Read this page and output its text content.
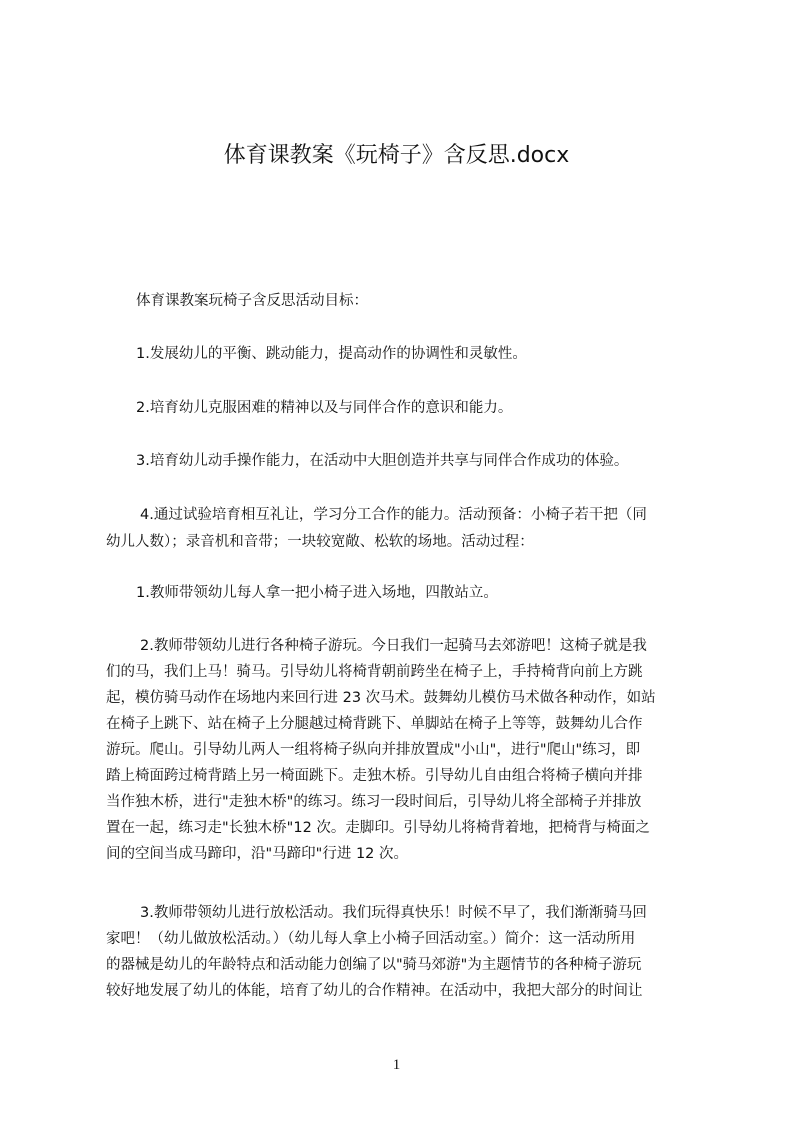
体育课教案《玩椅子》含反思.docx
体育课教案玩椅子含反思活动目标：
1.发展幼儿的平衡、跳动能力，提高动作的协调性和灵敏性。
2.培育幼儿克服困难的精神以及与同伴合作的意识和能力。
3.培育幼儿动手操作能力，在活动中大胆创造并共享与同伴合作成功的体验。
4.通过试验培育相互礼让，学习分工合作的能力。活动预备：小椅子若干把（同
幼儿人数）；录音机和音带；一块较宽敞、松软的场地。活动过程：
1.教师带领幼儿每人拿一把小椅子进入场地，四散站立。
2.教师带领幼儿进行各种椅子游玩。今日我们一起骑马去郊游吧！这椅子就是我
们的马，我们上马！骑马。引导幼儿将椅背朝前跨坐在椅子上，手持椅背向前上方跳
起，模仿骑马动作在场地内来回行进 23 次马术。鼓舞幼儿模仿马术做各种动作，如站
在椅子上跳下、站在椅子上分腿越过椅背跳下、单脚站在椅子上等等，鼓舞幼儿合作
游玩。爬山。引导幼儿两人一组将椅子纵向并排放置成"小山"，进行"爬山"练习，即
踏上椅面跨过椅背踏上另一椅面跳下。走独木桥。引导幼儿自由组合将椅子横向并排
当作独木桥，进行"走独木桥"的练习。练习一段时间后，引导幼儿将全部椅子并排放
置在一起，练习走"长独木桥"12 次。走脚印。引导幼儿将椅背着地，把椅背与椅面之
间的空间当成马蹄印，沿"马蹄印"行进 12 次。
3.教师带领幼儿进行放松活动。我们玩得真快乐！时候不早了，我们渐渐骑马回
家吧！（幼儿做放松活动。）（幼儿每人拿上小椅子回活动室。）简介：这一活动所用
的器械是幼儿的年龄特点和活动能力创编了以"骑马郊游"为主题情节的各种椅子游玩
较好地发展了幼儿的体能，培育了幼儿的合作精神。在活动中，我把大部分的时间让
1
